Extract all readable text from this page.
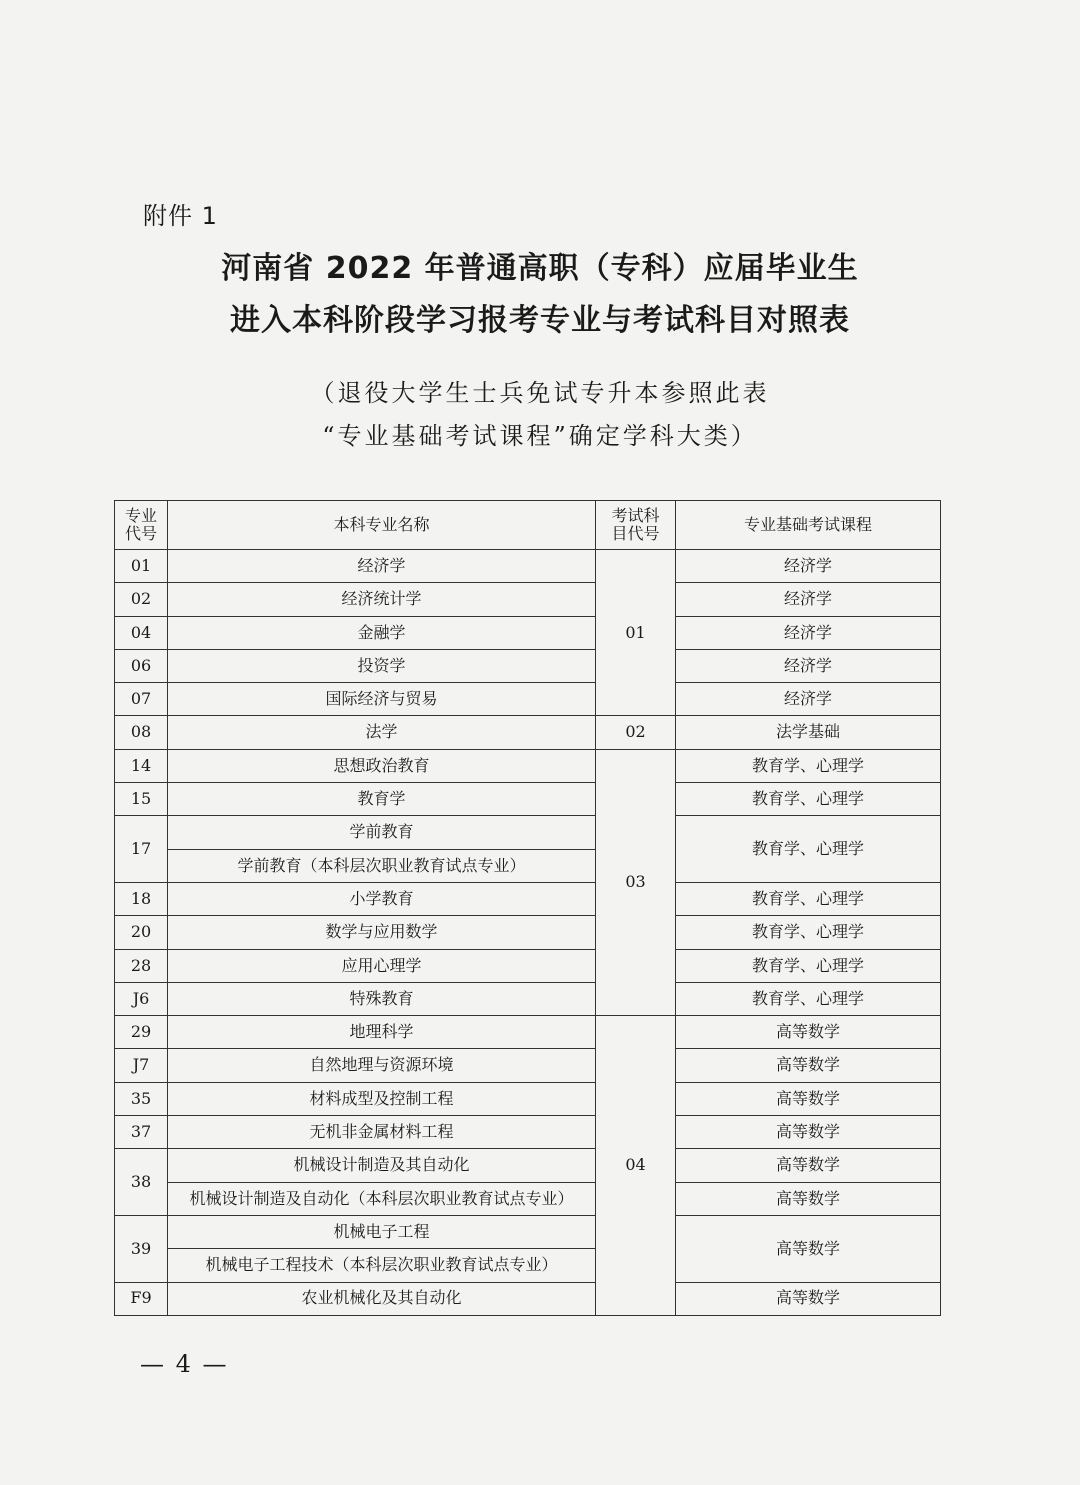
附件 1
河南省 2022 年普通高职（专科）应届毕业生
进入本科阶段学习报考专业与考试科目对照表
（退役大学生士兵免试专升本参照此表
“专业基础考试课程”确定学科大类）
专业代号	本科专业名称	考试科目代号	专业基础考试课程
01	经济学	01	经济学
02	经济统计学		经济学
04	金融学		经济学
06	投资学		经济学
07	国际经济与贸易		经济学
08	法学	02	法学基础
14	思想政治教育	03	教育学、心理学
15	教育学		教育学、心理学
17	学前教育		教育学、心理学
	学前教育（本科层次职业教育试点专业）		
18	小学教育		教育学、心理学
20	数学与应用数学		教育学、心理学
28	应用心理学		教育学、心理学
J6	特殊教育		教育学、心理学
29	地理科学	04	高等数学
J7	自然地理与资源环境		高等数学
35	材料成型及控制工程		高等数学
37	无机非金属材料工程		高等数学
38	机械设计制造及其自动化		高等数学
	机械设计制造及自动化（本科层次职业教育试点专业）		高等数学
39	机械电子工程		高等数学
	机械电子工程技术（本科层次职业教育试点专业）		
F9	农业机械化及其自动化		高等数学
— 4 —
